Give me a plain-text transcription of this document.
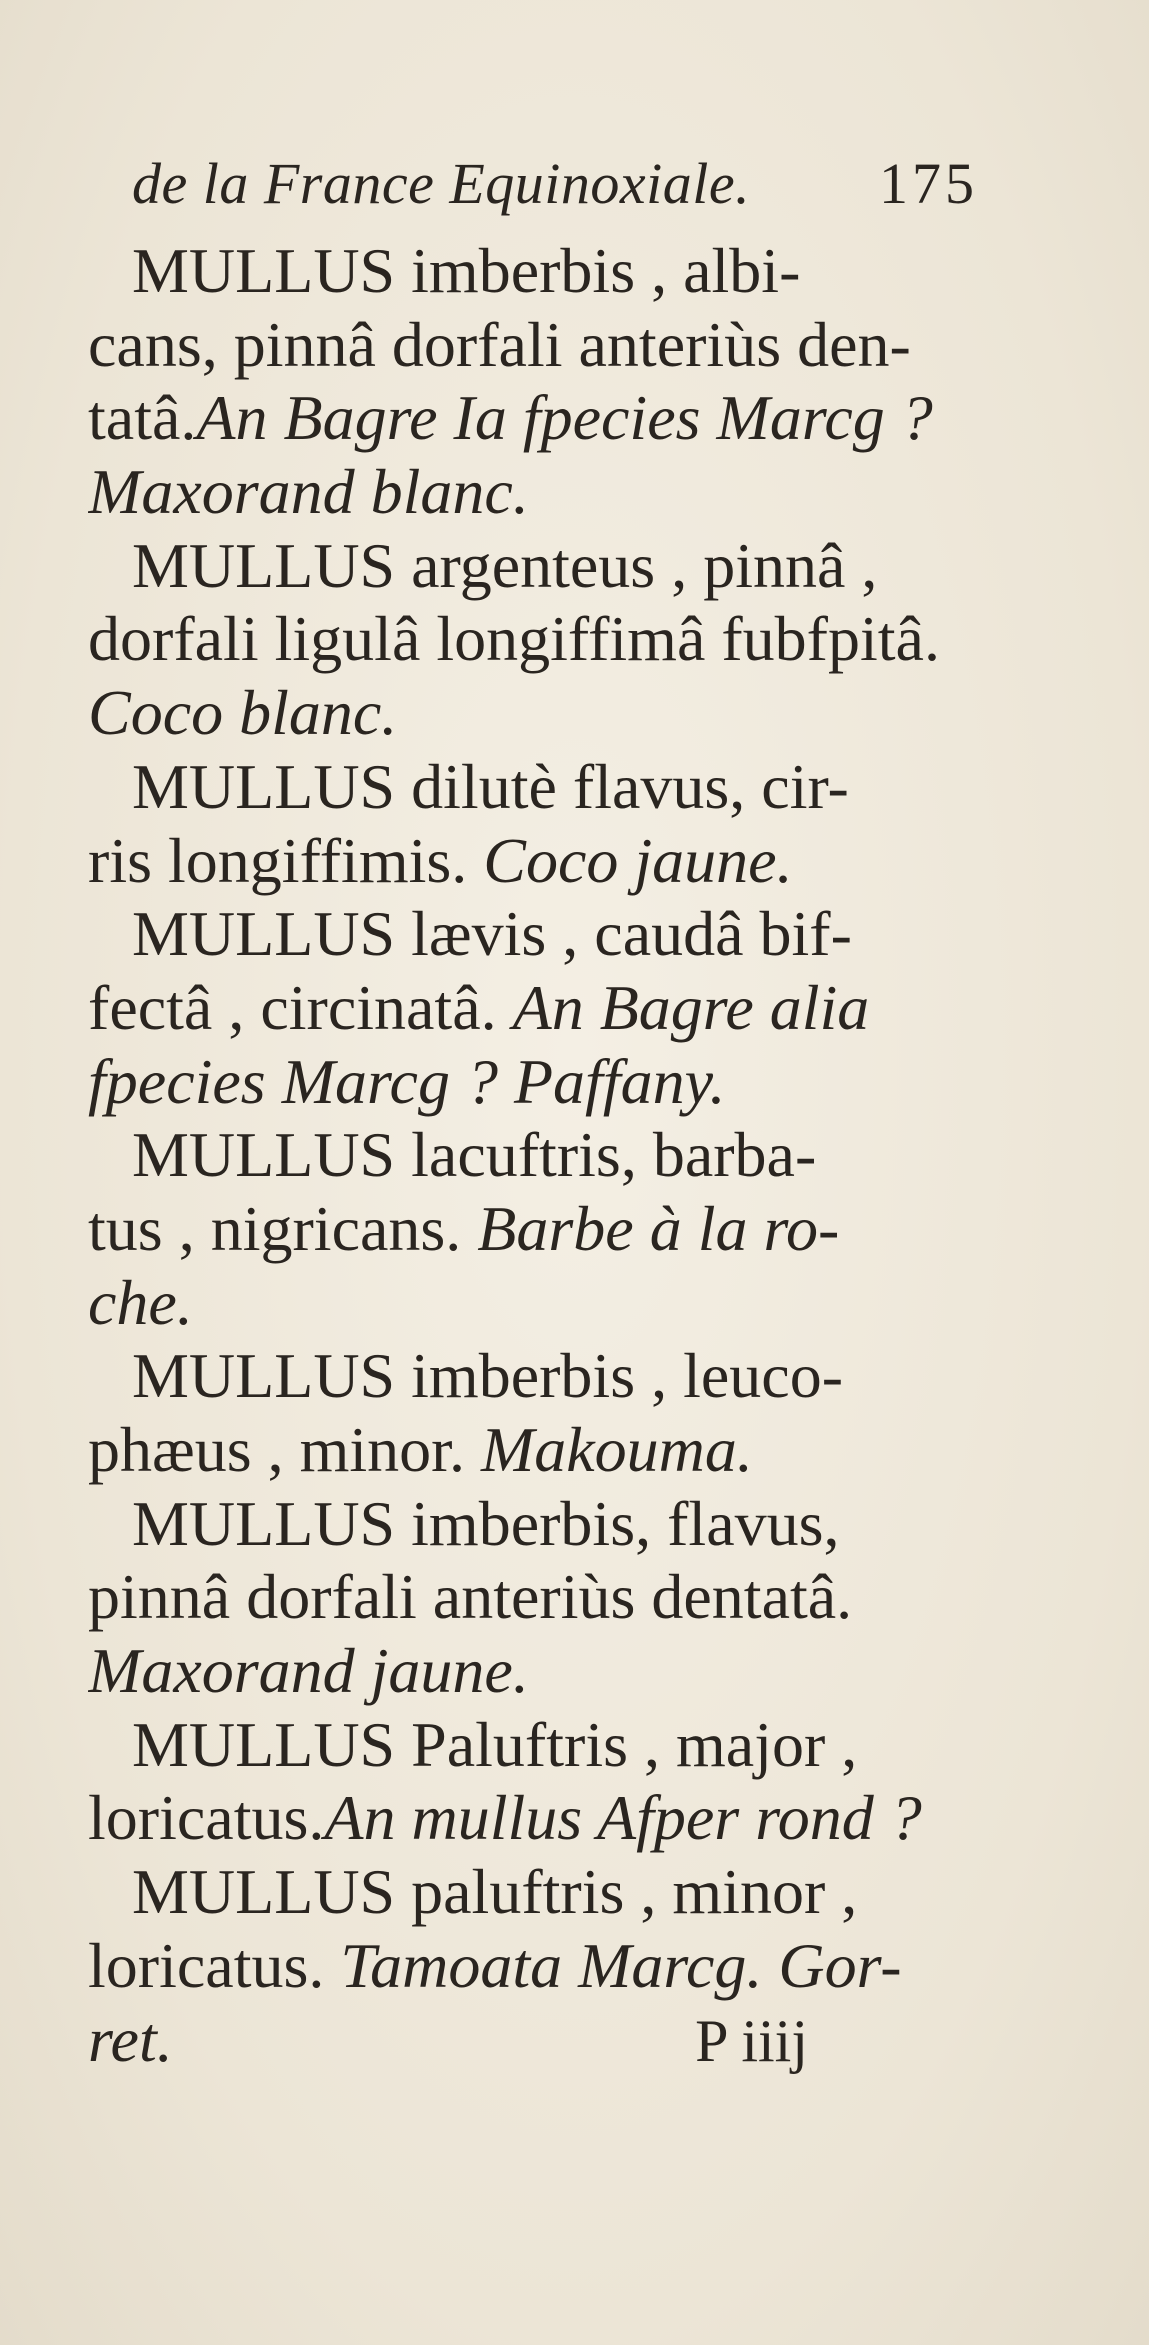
de la France Equinoxiale. 175
MULLUS imberbis , albi-
cans, pinnâ dorfali anteriùs den-
tatâ.An Bagre Ia fpecies Marcg ?
Maxorand blanc.
MULLUS argenteus , pinnâ ,
dorfali ligulâ longiffimâ fubfpitâ.
Coco blanc.
MULLUS dilutè flavus, cir-
ris longiffimis. Coco jaune.
MULLUS lævis , caudâ bif-
fectâ , circinatâ. An Bagre alia
fpecies Marcg ? Paffany.
MULLUS lacuftris, barba-
tus , nigricans. Barbe à la ro-
che.
MULLUS imberbis , leuco-
phæus , minor. Makouma.
MULLUS imberbis, flavus,
pinnâ dorfali anteriùs dentatâ.
Maxorand jaune.
MULLUS Paluftris , major ,
loricatus.An mullus Afper rond ?
MULLUS paluftris , minor ,
loricatus. Tamoata Marcg. Gor-
ret.	P iiij
